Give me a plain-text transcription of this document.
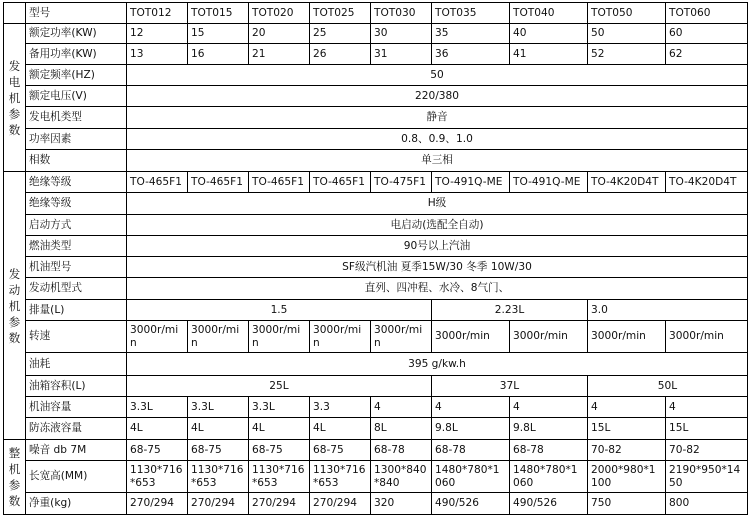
	型号	TOT012	TOT015	TOT020	TOT025	TOT030	TOT035	TOT040	TOT050	TOT060
发电机参数	额定功率(KW)	12	15	20	25	30	35	40	50	60
	备用功率(KW)	13	16	21	26	31	36	41	52	62
	额定频率(HZ)	50								
	额定电压(V)	220/380								
	发电机类型	静音								
	功率因素	0.8、0.9、1.0								
	相数	单三相								
发动机参数	绝缘等级	TO-465F1	TO-465F1	TO-465F1	TO-465F1	TO-475F1	TO-491Q-ME	TO-491Q-ME	TO-4K20D4T	TO-4K20D4T
	绝缘等级	H级								
	启动方式	电启动(选配全自动)								
	燃油类型	90号以上汽油								
	机油型号	SF级汽机油 夏季15W/30 冬季 10W/30								
	发动机型式	直列、四冲程、水冷、8气门、								
	排量(L)	1.5					2.23L		3.0	
	转速	3000r/min	3000r/min	3000r/min	3000r/min	3000r/min	3000r/min	3000r/min	3000r/min	3000r/min
	油耗	395 g/kw.h								
	油箱容积(L)	25L					37L		50L	
	机油容量	3.3L	3.3L	3.3L	3.3	4	4	4	4	4
	防冻液容量	4L	4L	4L	4L	8L	9.8L	9.8L	15L	15L
整机参数	噪音 db 7M	68-75	68-75	68-75	68-75	68-78	68-78	68-78	70-82	70-82
	长宽高(MM)	1130*716*653	1130*716*653	1130*716*653	1130*716*653	1300*840*840	1480*780*1060	1480*780*1060	2000*980*1100	2190*950*1450
	净重(kg)	270/294	270/294	270/294	270/294	320	490/526	490/526	750	800
